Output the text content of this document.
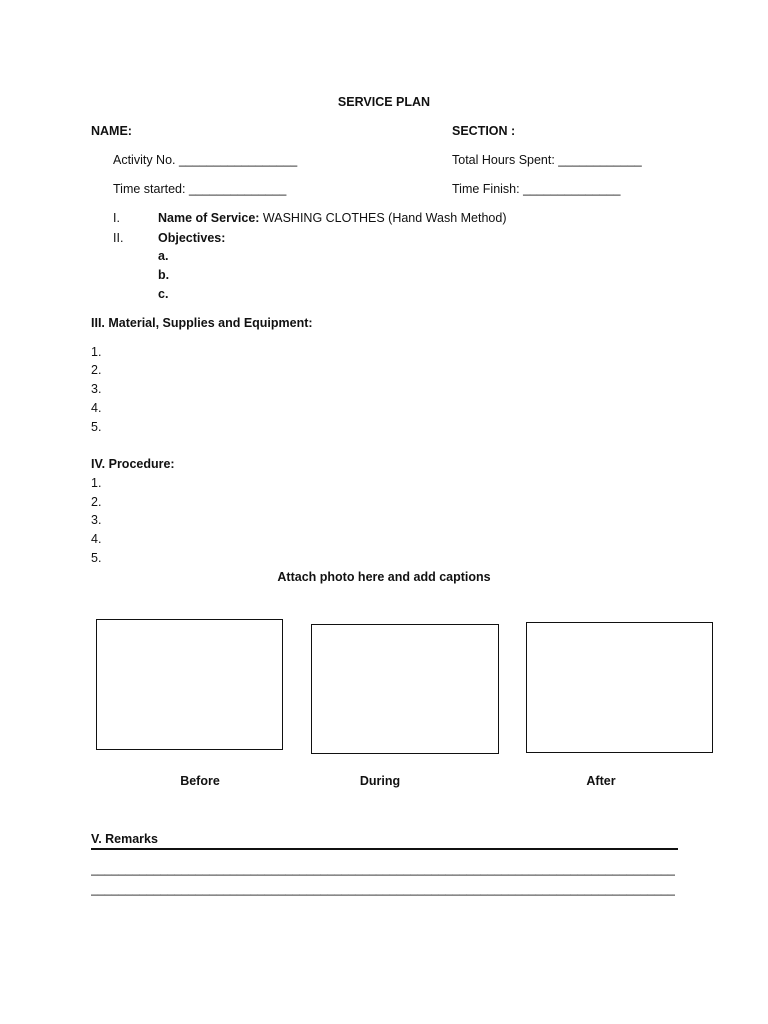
SERVICE PLAN
NAME:	SECTION :
Activity No. _________________	Total Hours Spent: ____________
Time started: ______________	Time Finish: ______________
I.	Name of Service: WASHING CLOTHES (Hand Wash Method)
II.	Objectives:
a.
b.
c.
III. Material, Supplies and Equipment:
1.
2.
3.
4.
5.
IV. Procedure:
1.
2.
3.
4.
5.
Attach photo here and add captions
Before	During	After
V. Remarks
____________________________________________________________________________________
____________________________________________________________________________________
